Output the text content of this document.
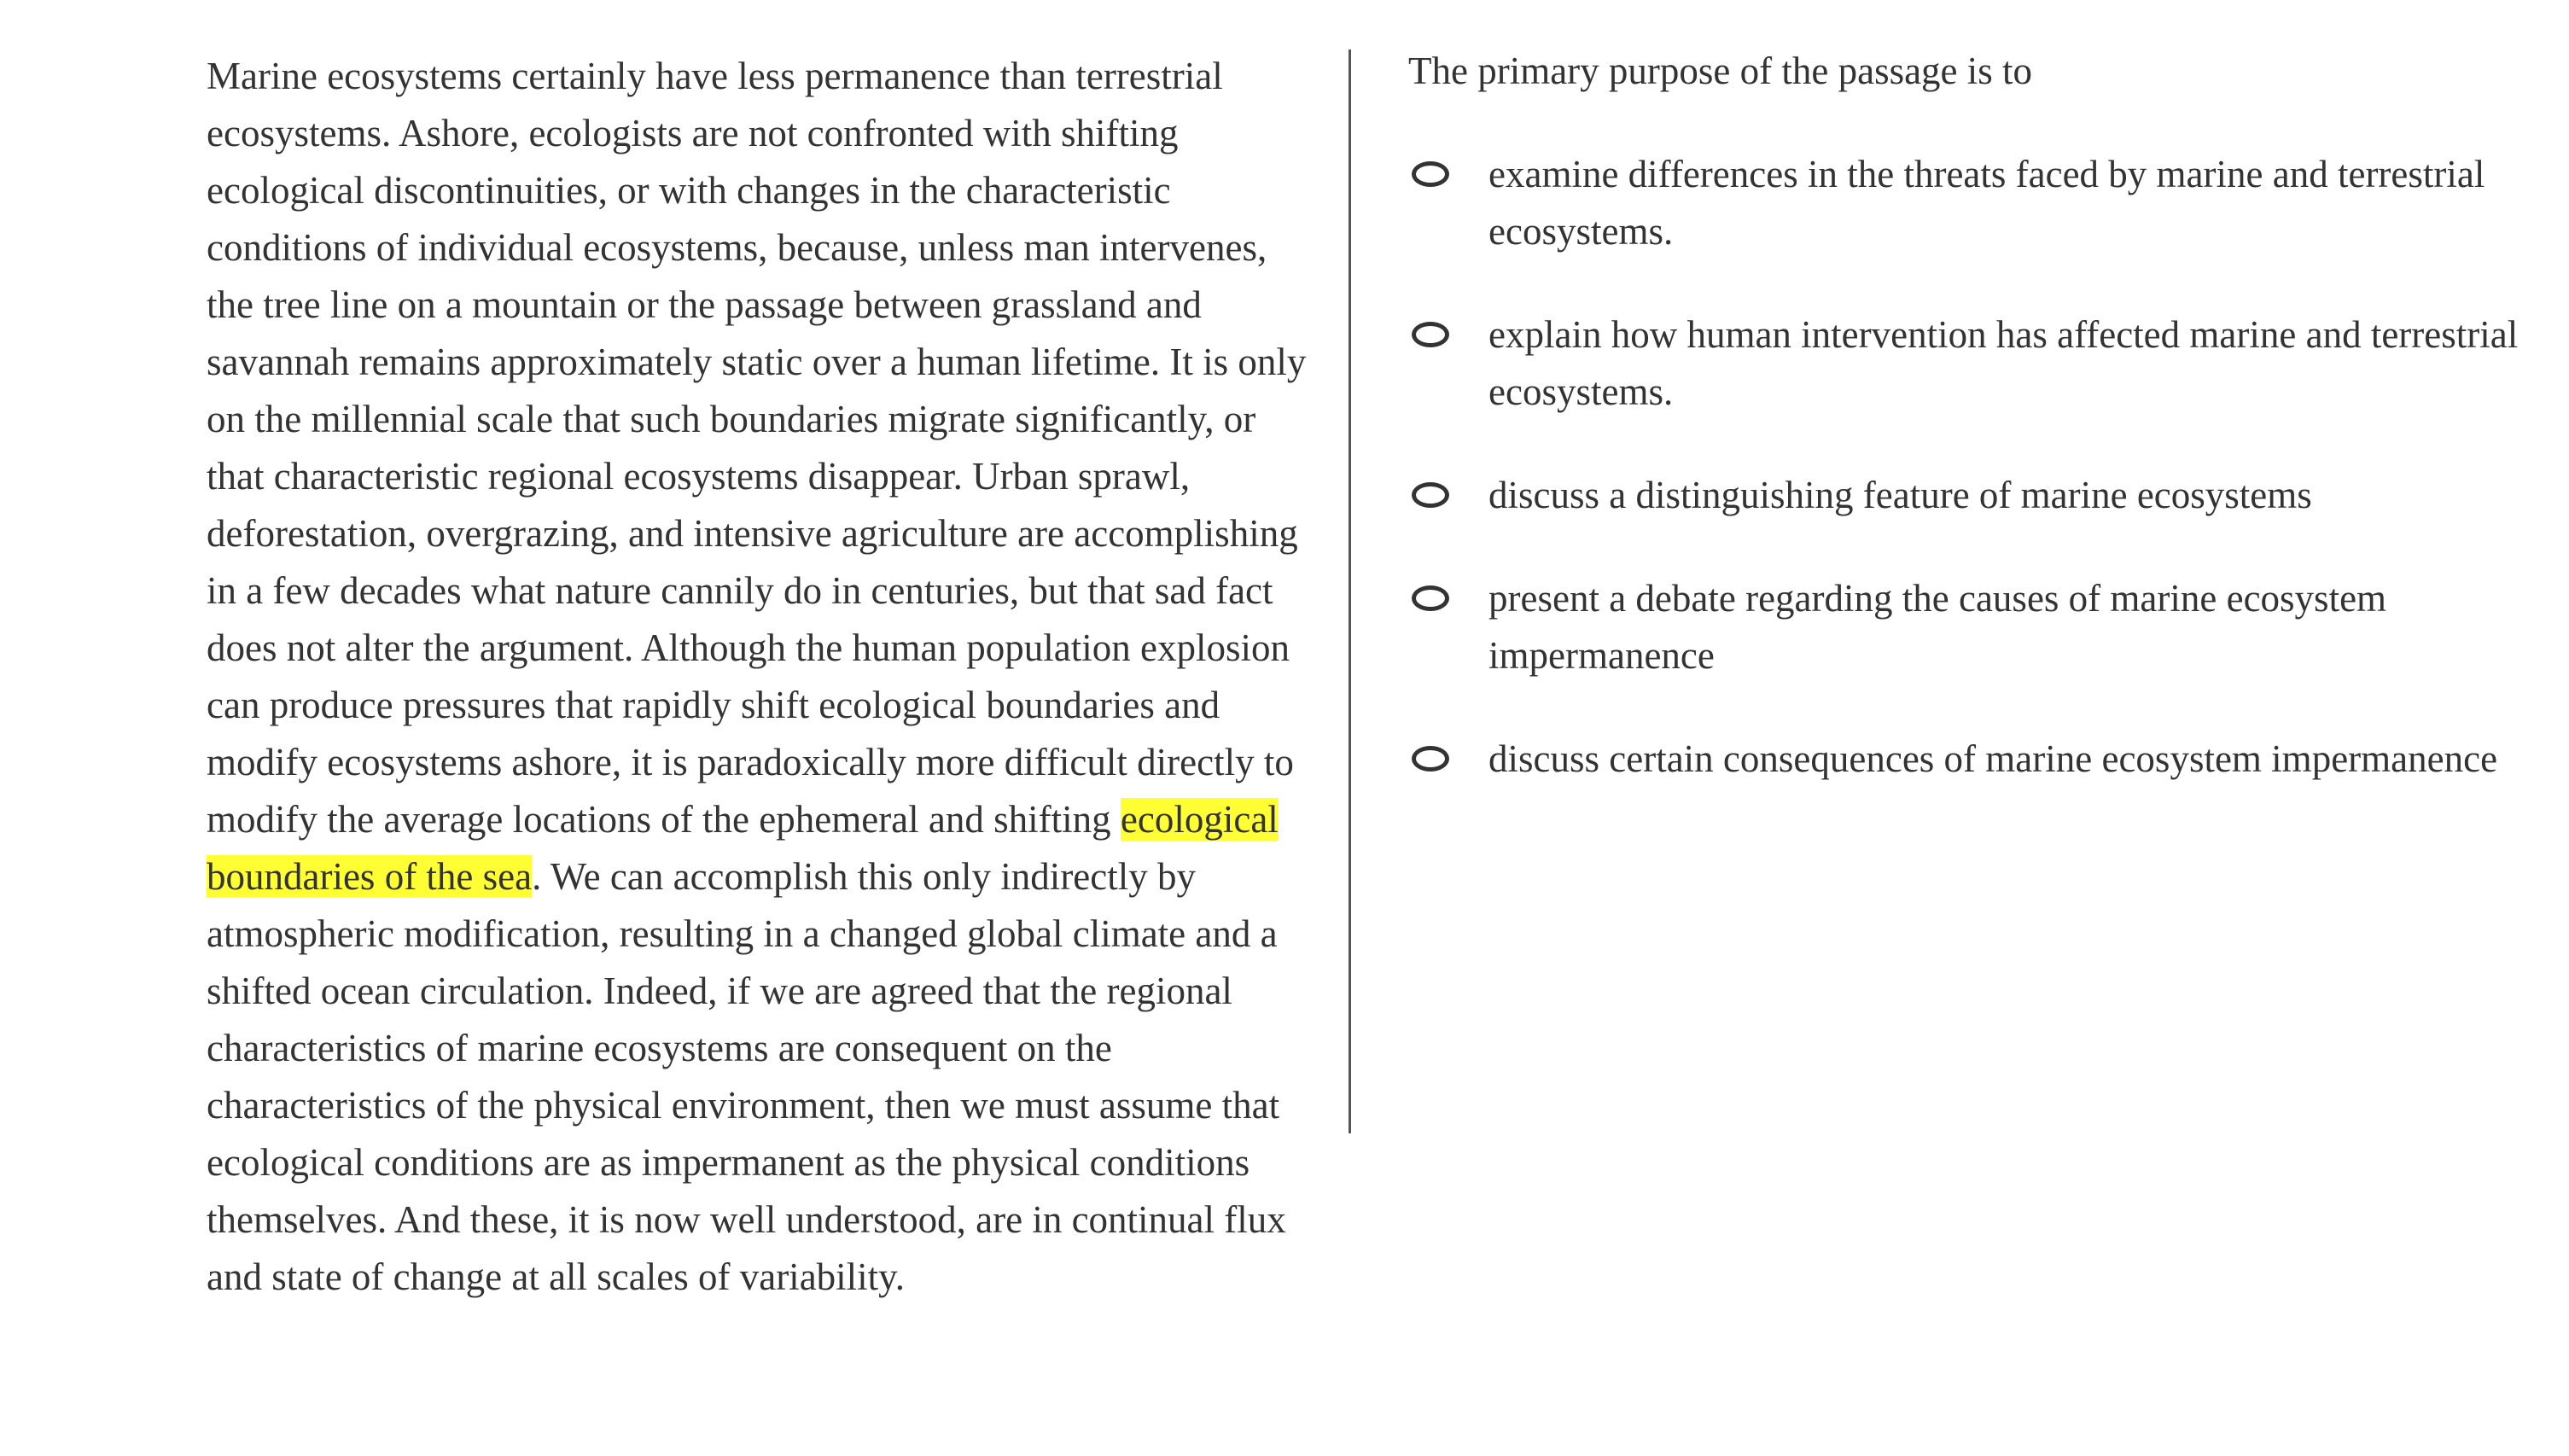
Marine ecosystems certainly have less permanence than terrestrial ecosystems. Ashore, ecologists are not confronted with shifting ecological discontinuities, or with changes in the characteristic conditions of individual ecosystems, because, unless man intervenes, the tree line on a mountain or the passage between grassland and savannah remains approximately static over a human lifetime. It is only on the millennial scale that such boundaries migrate significantly, or that characteristic regional ecosystems disappear. Urban sprawl, deforestation, overgrazing, and intensive agriculture are accomplishing in a few decades what nature cannily do in centuries, but that sad fact does not alter the argument. Although the human population explosion can produce pressures that rapidly shift ecological boundaries and modify ecosystems ashore, it is paradoxically more difficult directly to modify the average locations of the ephemeral and shifting ecological boundaries of the sea. We can accomplish this only indirectly by atmospheric modification, resulting in a changed global climate and a shifted ocean circulation. Indeed, if we are agreed that the regional characteristics of marine ecosystems are consequent on the characteristics of the physical environment, then we must assume that ecological conditions are as impermanent as the physical conditions themselves. And these, it is now well understood, are in continual flux and state of change at all scales of variability.

The primary purpose of the passage is to

examine differences in the threats faced by marine and terrestrial ecosystems.
explain how human intervention has affected marine and terrestrial ecosystems.
discuss a distinguishing feature of marine ecosystems
present a debate regarding the causes of marine ecosystem impermanence
discuss certain consequences of marine ecosystem impermanence
